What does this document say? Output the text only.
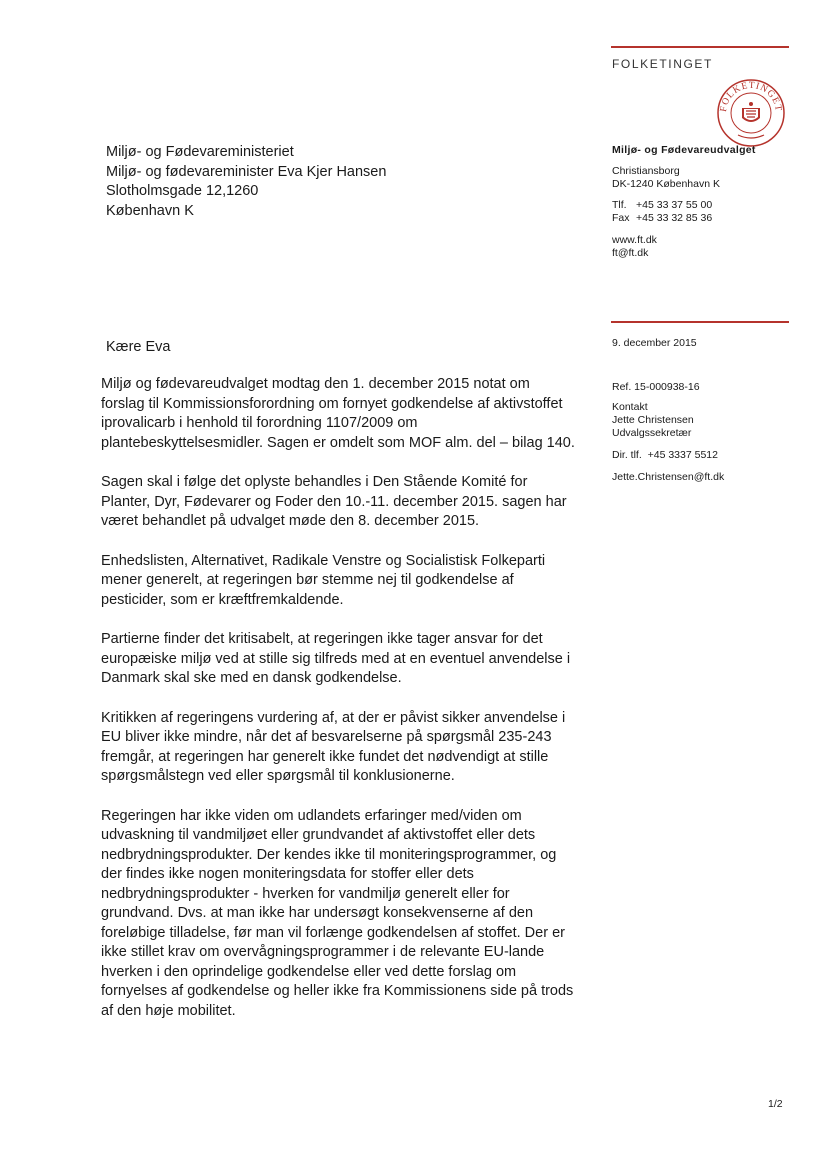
FOLKETINGET
FOLKETINGET
Miljø- og Fødevareministeriet
Miljø- og fødevareminister Eva Kjer Hansen
Slotholmsgade 12,1260
København K
Miljø- og Fødevareudvalget
Christiansborg
DK-1240 København K
Tlf. +45 33 37 55 00
Fax +45 33 32 85 36
www.ft.dk
ft@ft.dk
9. december 2015
Ref. 15-000938-16
Kontakt
Jette Christensen
Udvalgssekretær
Dir. tlf. +45 3337 5512
Jette.Christensen@ft.dk
Kære Eva

Miljø og fødevareudvalget modtag den 1. december 2015 notat om forslag til Kommissionsforordning om fornyet godkendelse af aktivstoffet iprovalicarb i henhold til forordning 1107/2009 om plantebeskyttelsesmidler. Sagen er omdelt som MOF alm. del – bilag 140.

Sagen skal i følge det oplyste behandles i Den Stående Komité for Planter, Dyr, Fødevarer og Foder den 10.-11. december 2015. sagen har været behandlet på udvalget møde den 8. december 2015.

Enhedslisten, Alternativet, Radikale Venstre og Socialistisk Folkeparti mener generelt, at regeringen bør stemme nej til godkendelse af pesticider, som er kræftfremkaldende.

Partierne finder det kritisabelt, at regeringen ikke tager ansvar for det europæiske miljø ved at stille sig tilfreds med at en eventuel anvendelse i Danmark skal ske med en dansk godkendelse.

Kritikken af regeringens vurdering af, at der er påvist sikker anvendelse i EU bliver ikke mindre, når det af besvarelserne på spørgsmål 235-243 fremgår, at regeringen har generelt ikke fundet det nødvendigt at stille spørgsmålstegn ved eller spørgsmål til konklusionerne.

Regeringen har ikke viden om udlandets erfaringer med/viden om udvaskning til vandmiljøet eller grundvandet af aktivstoffet eller dets nedbrydningsprodukter. Der kendes ikke til moniteringsprogrammer, og der findes ikke nogen moniteringsdata for stoffer eller dets nedbrydningsprodukter - hverken for vandmiljø generelt eller for grundvand. Dvs. at man ikke har undersøgt konsekvenserne af den foreløbige tilladelse, før man vil forlænge godkendelsen af stoffet. Der er ikke stillet krav om overvågningsprogrammer i de relevante EU-lande hverken i den oprindelige godkendelse eller ved dette forslag om fornyelses af godkendelse og heller ikke fra Kommissionens side på trods af den høje mobilitet.

1/2
